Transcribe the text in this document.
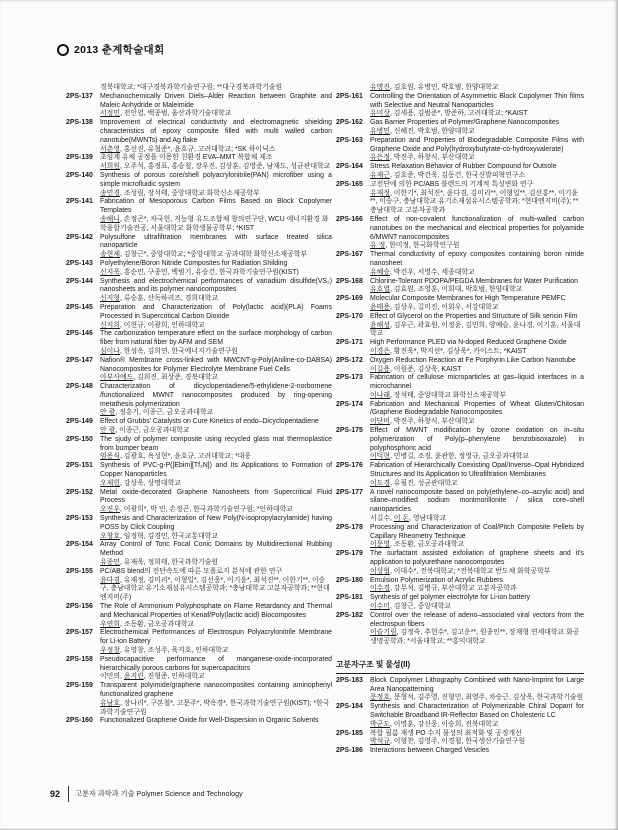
2013 춘계학술대회
경북대학교; *대구경북과학기술연구원; **대구경북과학기술원
2PS-137	Mechanochemically Driven Diels–Alder Reaction between Graphite and Maleic Anhydride or Maleimide
서정민, 전인엽, 백종범, 울산과학기술대학교
2PS-138	Improvement of electrical conductivity and electromagnetic shielding characteristics of epoxy composite filled with multi walled carbon nanotube(MWNTs) and Ag flake
서춘영, 홍선진, 유철준*, 윤호규, 고려대학교; *SK 하이닉스
2PS-139	초임계 유체 공정을 이용한 친환경 EVA–MMT 복합체 제조
서희원, 오주석, 홍정표, 홍승철, 장우진, 김상훈, 김영준, 남재도, 성균관대학교
2PS-140	Synthesis of porous core/shell polyacrylonitrile(PAN) microfiber using a simple microfluidic system
송민경, 조성림, 장석태, 중앙대학교 화학신소재공학부
2PS-141	Fabrication of Mesoporous Carbon Films Based on Block Copolymer Templates
송해니, 손정곤*, 차국헌, 지능형 유도조합체 창의연구단, WCU 에너지환경 화학융합기술전공, 서울대학교 화학생물공학부; *KIST
2PS-142	Polysulfone ultrafiltration membranes with surface treated silica nanoparticle
송현제, 김창근*, 중앙대학교; *중앙대학교 공과대학 화학신소재공학부
2PS-143	Polyethylene/Boron Nitride Composites for Radiation Shilding
신지욱, 홍순민, 구종민, 백범기, 유승건, 한국과학기술연구원(KIST)
2PS-144	Synthesis and electrochemical performances of vanadium disulfide(VS₂) nanosheets and its polymer nanocomposites
신지형, 류승훈, 산독하리즈, 경희대학교
2PS-145	Preparation and Characterization of Poly(lactic acid)(PLA) Foams Processed in Supercritical Carbon Dioxide
신지희, 이현규, 이광희, 인하대학교
2PS-146	The carbonization temperature effect on the surface morphology of carbon fiber from natural fiber by AFM and SEM
심이나, 한성옥, 김희연, 한국에너지기술연구원
2PS-147	Nafion® Membrane cross-linked with MWCNT-g-Poly(Aniline-co-DABSA) Nanocomposites for Polymer Electrolyte Membrane Fuel Cells
아부사예드, 김희진, 최상준, 경북대학교
2PS-148	Characterization of dicyclopentadiene/5-ethylidene-2-norbornene /functionalized MWNT nanocomposites produced by ring-opening metathesis polymerization
안 광, 정흥기, 이종근, 금오공과대학교
2PS-149	Effect of Grubbs' Catalysts on Cure Kinetics of endo–Dicyclopentadiene
안 광, 이종근, 금오공과대학교
2PS-150	The sjudy of polymer composite using recycled glass mat thermoplastice from bumper beam
엄용식, 김광호, 옥성현*, 윤호규, 고려대학교; *대웅
2PS-151	Synthesis of PVC-g-P([Ebim][Tf₂N]) and Its Applications to Formation of Copper Nanoparticles
오제헌, 강상욱, 상명대학교
2PS-152	Metal oxide-decorated Graphene Nanosheets from Supercritical Fluid Process
오진우, 이광희*, 박 민, 손정곤, 한국과학기술연구원; *인하대학교
2PS-153	Synthesis and Characterization of New Poly(N-isopropylacrylamide) having POSS by Click Coupling
오창호, 임정혁, 김경민, 한국교통대학교
2PS-154	Array Control of Toric Focal Conic Domains by Multidirectional Rubbing Method
유종민, 유재욱, 정희태, 한국과학기술원
2PS-155	PC/ABS blend의 전단속도에 따른 모폴로지 분석에 관한 연구
윤다겸, 유재정, 김미리*, 이형일*, 김선웅*, 이기윤*, 최석진**, 이한기**, 이승구, 충남대학교 유기소재섬유시스템공학과; *충남대학교 고분자공학과; **현대엔지비(주)
2PS-156	The Role of Ammonium Polyphosphate on Flame Retardancy and Thermal and Mechanical Properties of Kenaf/Poly(lactic acid) Biocomposites
우연희, 조동환, 금오공과대학교
2PS-157	Electrochemical Performances of Electrospun Polyacrylonitrile Membrane for Li-ion Battery
우정창, 유영창, 조성주, 육지호, 인하대학교
2PS-158	Pseudocapacitive performance of manganese-oxide-incorporated hierarchically porous carbons for supercapacitors
이민의, 윤지린, 진형준, 인하대학교
2PS-159	Transparent polyimide/graphene nanocomposites containing aminophenyl functionalized graphene
유남호, 장나리*, 구본철*, 고문주*, 박옥경*, 한국과학기술연구원(KIST); *한국과학기술연구원
2PS-160	Functionalized Graphene Oxide for Well-Dispersion in Organic Solvents
유명진, 김호원, 유병민, 박호범, 한양대학교
2PS-161	Controlling the Orientation of Asymmetric Block Copolymer Thin films with Selective and Neutral Nanoparticles
유미상, 김세용, 김범준*, 방준하, 고려대학교; *KAIST
2PS-162	Gas Barrier Properties of Polymer/Graphene Nanocomposites
유병민, 신혜진, 박호범, 한양대학교
2PS-163	Preparation and Properties of Biodegradable Composite Films with Graphene Oxide and Poly(hydroxybutyrate-co-hydroxyvalerate)
유은정, 박진주, 하창식, 부산대학교
2PS-164	Stress Relaxation Behavior of Rubber Compound for Outsole
유재근, 김호준, 박건욱, 김동건, 한국신발피혁연구소
2PS-165	고전단에 의한 PC/ABS 블렌드의 기계적 특성변화 연구
유재정, 이한기*, 최석진*, 윤다겸, 김미리**, 이형일**, 김선홍**, 이기윤**, 이승구, 충남대학교 유기소재섬유시스템공학과; *현대엔지비(주); **충남대학교 고분자공학과
2PS-166	Effect of non-covalent functionalization of multi-walled carbon nanotubes on the mechanical and electrical properties for polyamide 6/MWNT nanocomposites
유 정, 한미정, 한국화학연구원
2PS-167	Thermal conductivity of epoxy composites containing boron nitride nanosheet
유혜승, 박건우, 서영수, 세종대학교
2PS-168	Chlorine-Tolerant PDOPA/PEGDA Membranes for Water Purification
유호열, 김효원, 조영훈, 이회대, 박호범, 한양대학교
2PS-169	Molecular Composite Membranes for High Temperature PEMFC
윤태용, 김상우, 길미진, 이회우, 서강대학교
2PS-170	Effect of Glycerol on the Properties and Structure of Silk sericin Film
윤해성, 김우근, 곽효원, 이정윤, 김민희, 양예슬, 윤나경, 이기훈, 서울대학교
2PS-171	High Performance PLED via N-doped Reduced Graphene Oxide
이경은, 황진욱*, 박지선*, 김상욱*, 카이스트; *KAIST
2PS-172	Oxygen Reduction Reaction at Fe Porphyrin Like Carbon Nanotube
이길용, 이원준, 김상욱, KAIST
2PS-173	Fabrication of cellulose microparticles at gas–liquid interfaces in a microchannel
이나래, 장석태, 중앙대학교 화학신소재공학부
2PS-174	Fabrication and Mechanical Properties of Wheat Gluten/Chitosan /Graphene Biodegradable Nanocomposites
이단비, 박진주, 하창식, 부산대학교
2PS-175	Effect of MWNT modification by ozone oxidation on in–situ polymerization of Poly(p–phenylene benzobisoxazole) in polyphosphoric acid
이덕현, 민병길, 조징, 윤관한, 정영규, 금오공과대학교
2PS-176	Fabrication of Hierarchically Coexisting Opal/Inverse–Opal Hybridized Structures and Its Application to Ultrafiltration Membranes
이도경, 유필진, 성균관대학교
2PS-177	A novel nanocomposite based on poly(ethylene–co–acrylic acid) and silane–modified sodium montmorillonite / silica core–shell nanoparticles
서길수, 이 돈, 영남대학교
2PS-178	Processing and Characterization of Coal/Pitch Composite Pellets by Capillary Rheometry Technique
이문영, 조동환, 금오공과대학교
2PS-179	The surfactant assisted exfoliation of graphene sheets and it's application to polyurethane nanocomposites
이상협, 이대수*, 전북대학교; *전북대학교 반도체 화학공학부
2PS-180	Emulsion Polymerization of Acrylic Rubbers
이수경, 강무석, 김병규, 부산대학교 고분자공학과
2PS-181	Synthesis of gel polymer electrolyte for Li-ion battery
이수미, 김창근, 중앙대학교
2PS-182	Control over the release of adeno–associated viral vectors from the electrospun fibers
이슬기림, 김정숙, 추헌수*, 김고운**, 원종인**, 장재형 연세대학교 화공생명공학과; *서울대학교; **홍익대학교
고분자구조 및 물성(II)
2PS-183	Block Copolymer Lithography Combined with Nano-Imprint for Large Area Nanopatterning
문정호, 문형석, 김주영, 진형민, 최영주, 차승근, 김상욱, 한국과학기술원
2PS-184	Synthesis and Characterization of Polymerizable Chiral Dopant for Switchable Broadband IR-Reflector Based on Cholesteric LC
박군도, 이명훈, 강신웅, 이승희, 전북대학교
2PS-185	복합 필름 재생 PO 수지 물성의 최적화 및 공정개선
박석규, 이형찬, 김영주, 이경철, 한국생산기술연구원
2PS-186	Interactions between Charged Vesicles
92 고분자 과학과 기술 Polymer Science and Technology
